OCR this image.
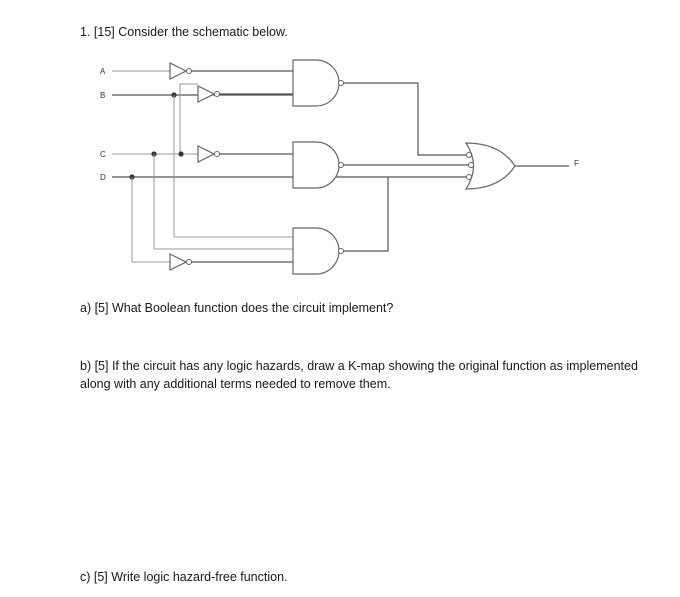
1. [15] Consider the schematic below.

A
B
C
D
F

a) [5] What Boolean function does the circuit implement?

b) [5] If the circuit has any logic hazards, draw a K-map showing the original function as implemented along with any additional terms needed to remove them.

c) [5] Write logic hazard-free function.
